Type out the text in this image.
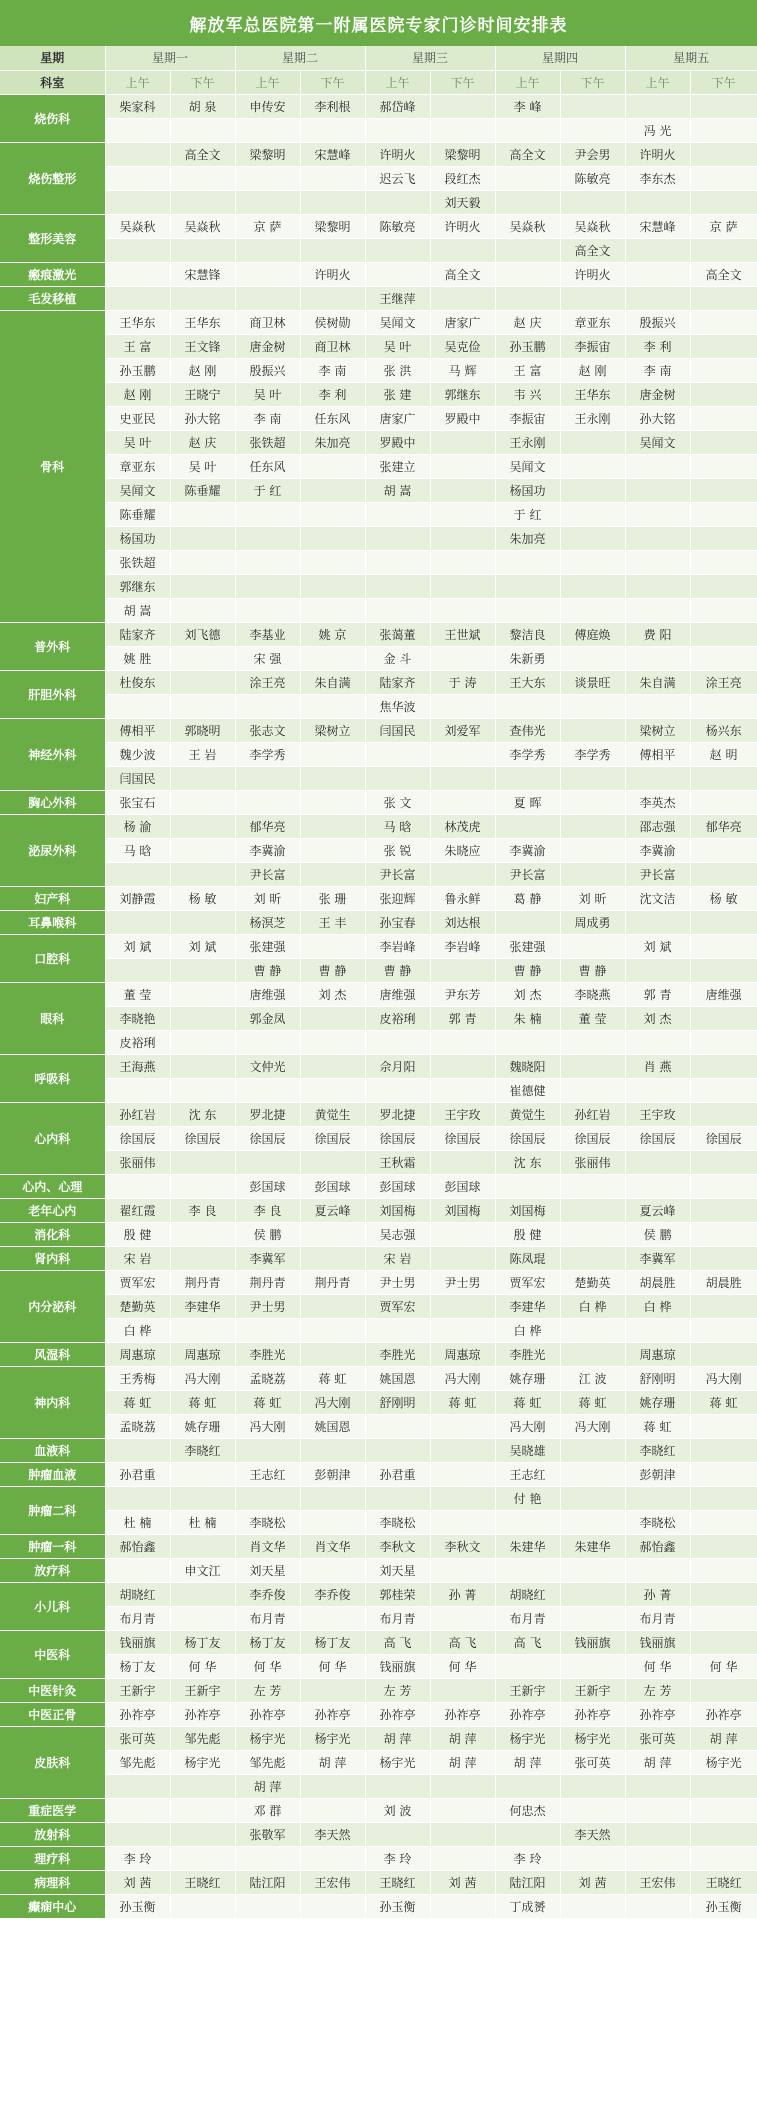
解放军总医院第一附属医院专家门诊时间安排表
星期	星期一		星期二		星期三		星期四		星期五	
科室	上午	下午	上午	下午	上午	下午	上午	下午	上午	下午
烧伤科	柴家科	胡 泉	申传安	李利根	郝岱峰		李 峰			
									冯 光	
烧伤整形		高全文	梁黎明	宋慧峰	许明火	梁黎明	高全文	尹会男	许明火	
					迟云飞	段红杰		陈敏亮	李东杰	
						刘天毅				
整形美容	吴焱秋	吴焱秋	京 萨	梁黎明	陈敏亮	许明火	吴焱秋	吴焱秋	宋慧峰	京 萨
								高全文		
瘢痕激光		宋慧锋		许明火		高全文		许明火		高全文
毛发移植					王继萍					
骨科	王华东	王华东	商卫林	侯树勋	吴闻文	唐家广	赵 庆	章亚东	殷振兴	
	王 富	王文锋	唐金树	商卫林	吴 叶	吴克俭	孙玉鹏	李振宙	李 利	
	孙玉鹏	赵 刚	殷振兴	李 南	张 洪	马 辉	王 富	赵 刚	李 南	
	赵 刚	王晓宁	吴 叶	李 利	张 建	郭继东	韦 兴	王华东	唐金树	
	史亚民	孙大铭	李 南	任东风	唐家广	罗殿中	李振宙	王永刚	孙大铭	
	吴 叶	赵 庆	张铁超	朱加亮	罗殿中		王永刚		吴闻文	
	章亚东	吴 叶	任东风		张建立		吴闻文			
	吴闻文	陈垂耀	于 红		胡 嵩		杨国功			
	陈垂耀						于 红			
	杨国功						朱加亮			
	张铁超									
	郭继东									
	胡 嵩									
普外科	陆家齐	刘飞德	李基业	姚 京	张蔼董	王世斌	黎洁良	傅庭焕	费 阳	
	姚 胜		宋 强		金 斗		朱新勇			
肝胆外科	杜俊东		涂王亮	朱自满	陆家齐	于 涛	王大东	谈景旺	朱自满	涂王亮
					焦华波					
神经外科	傅相平	郭晓明	张志文	梁树立	闫国民	刘爱军	查伟光		梁树立	杨兴东
	魏少波	王 岩	李学秀				李学秀	李学秀	傅相平	赵 明
	闫国民									
胸心外科	张宝石				张 文		夏 晖		李英杰	
泌尿外科	杨 渝		郁华亮		马 晗	林茂虎			邵志强	郁华亮
	马 晗		李冀渝		张 锐	朱晓应	李冀渝		李冀渝	
			尹长富		尹长富		尹长富		尹长富	
妇产科	刘静霞	杨 敏	刘 昕	张 珊	张迎辉	鲁永鲜	葛 静	刘 昕	沈文洁	杨 敏
耳鼻喉科			杨溟芝	王 丰	孙宝春	刘达根		周成勇		
口腔科	刘 斌	刘 斌	张建强		李岩峰	李岩峰	张建强		刘 斌	
			曹 静	曹 静	曹 静		曹 静	曹 静		
眼科	董 莹		唐维强	刘 杰	唐维强	尹东芳	刘 杰	李晓燕	郭 青	唐维强
	李晓艳		郭金凤		皮裕琍	郭 青	朱 楠	董 莹	刘 杰	
	皮裕琍									
呼吸科	王海燕		文仲光		佘月阳		魏晓阳		肖 燕	
							崔德健			
心内科	孙红岩	沈 东	罗北捷	黄觉生	罗北捷	王宇玫	黄觉生	孙红岩	王宇玫	
	徐国辰	徐国辰	徐国辰	徐国辰	徐国辰	徐国辰	徐国辰	徐国辰	徐国辰	徐国辰
	张丽伟				王秋霜		沈 东	张丽伟		
心内、心理			彭国球	彭国球	彭国球	彭国球				
老年心内	翟红霞	李 良	李 良	夏云峰	刘国梅	刘国梅	刘国梅		夏云峰	
消化科	殷 健		侯 鹏		吴志强		殷 健		侯 鹏	
肾内科	宋 岩		李冀军		宋 岩		陈凤琨		李冀军	
内分泌科	贾军宏	荆丹青	荆丹青	荆丹青	尹士男	尹士男	贾军宏	楚勤英	胡晨胜	胡晨胜
	楚勤英	李建华	尹士男		贾军宏		李建华	白 桦	白 桦	
	白 桦						白 桦			
风湿科	周惠琼	周惠琼	李胜光		李胜光	周惠琼	李胜光		周惠琼	
神内科	王秀梅	冯大刚	孟晓荔	蒋 虹	姚国恩	冯大刚	姚存珊	江 波	舒刚明	冯大刚
	蒋 虹	蒋 虹	蒋 虹	冯大刚	舒刚明	蒋 虹	蒋 虹	蒋 虹	姚存珊	蒋 虹
	孟晓荔	姚存珊	冯大刚	姚国恩			冯大刚	冯大刚	蒋 虹	
血液科		李晓红					吴晓雄		李晓红	
肿瘤血液	孙君重		王志红	彭朝津	孙君重		王志红		彭朝津	
肿瘤二科							付 艳			
	杜 楠	杜 楠	李晓松		李晓松				李晓松	
肿瘤一科	郝怡鑫		肖文华	肖文华	李秋文	李秋文	朱建华	朱建华	郝怡鑫	
放疗科		申文江	刘天星		刘天星					
小儿科	胡晓红		李乔俊	李乔俊	郭桂荣	孙 菁	胡晓红		孙 菁	
	布月青		布月青		布月青		布月青		布月青	
中医科	钱丽旗	杨丁友	杨丁友	杨丁友	高 飞	高 飞	高 飞	钱丽旗	钱丽旗	
	杨丁友	何 华	何 华	何 华	钱丽旗	何 华			何 华	何 华
中医针灸	王新宇	王新宇	左 芳		左 芳		王新宇	王新宇	左 芳	
中医正骨	孙祚亭	孙祚亭	孙祚亭	孙祚亭	孙祚亭	孙祚亭	孙祚亭	孙祚亭	孙祚亭	孙祚亭
皮肤科	张可英	邹先彪	杨宇光	杨宇光	胡 萍	胡 萍	杨宇光	杨宇光	张可英	胡 萍
	邹先彪	杨宇光	邹先彪	胡 萍	杨宇光	胡 萍	胡 萍	张可英	胡 萍	杨宇光
			胡 萍							
重症医学			邓 群		刘 波		何忠杰			
放射科			张敬军	李天然				李天然		
理疗科	李 玲				李 玲		李 玲			
病理科	刘 茜	王晓红	陆江阳	王宏伟	王晓红	刘 茜	陆江阳	刘 茜	王宏伟	王晓红
癫痫中心	孙玉衡				孙玉衡		丁成赟			孙玉衡
